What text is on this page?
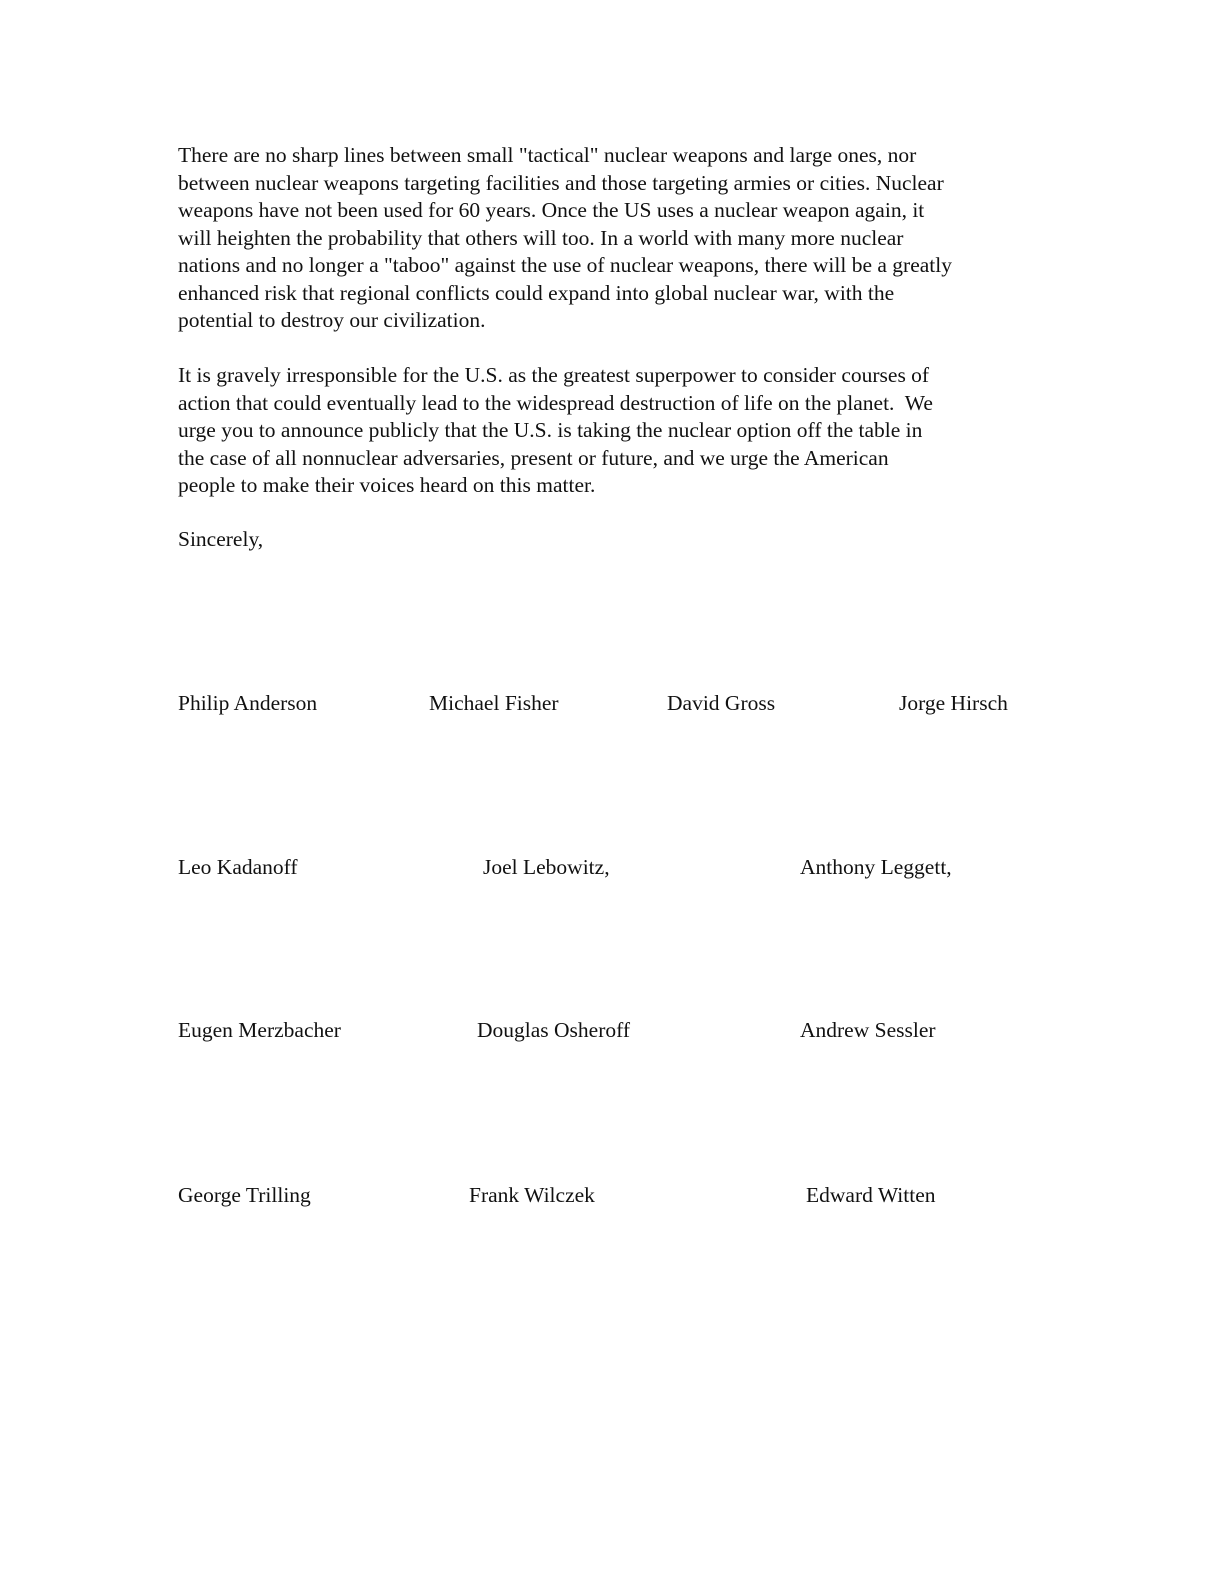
There are no sharp lines between small "tactical" nuclear weapons and large ones, nor
between nuclear weapons targeting facilities and those targeting armies or cities. Nuclear
weapons have not been used for 60 years. Once the US uses a nuclear weapon again, it
will heighten the probability that others will too. In a world with many more nuclear
nations and no longer a "taboo" against the use of nuclear weapons, there will be a greatly
enhanced risk that regional conflicts could expand into global nuclear war, with the
potential to destroy our civilization.
It is gravely irresponsible for the U.S. as the greatest superpower to consider courses of
action that could eventually lead to the widespread destruction of life on the planet.  We
urge you to announce publicly that the U.S. is taking the nuclear option off the table in
the case of all nonnuclear adversaries, present or future, and we urge the American
people to make their voices heard on this matter.
Sincerely,
Philip Anderson	Michael Fisher	David Gross	Jorge Hirsch
Leo Kadanoff	Joel Lebowitz,	Anthony Leggett,
Eugen Merzbacher	Douglas Osheroff	Andrew Sessler
George Trilling	Frank Wilczek	Edward Witten
